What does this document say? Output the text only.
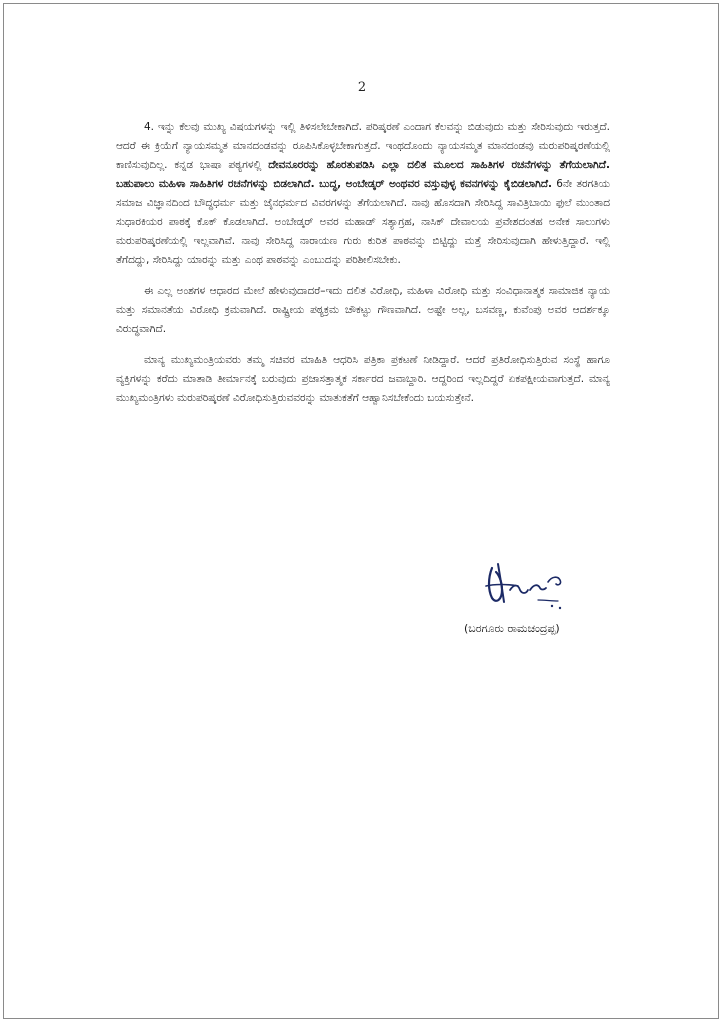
2

4. ಇನ್ನು ಕೆಲವು ಮುಖ್ಯ ವಿಷಯಗಳನ್ನು ಇಲ್ಲಿ ತಿಳಿಸಲೇಬೇಕಾಗಿದೆ. ಪರಿಷ್ಕರಣೆ ಎಂದಾಗ ಕೆಲವನ್ನು ಬಿಡುವುದು ಮತ್ತು ಸೇರಿಸುವುದು ಇರುತ್ತದೆ. ಆದರೆ ಈ ಕ್ರಿಯೆಗೆ ನ್ಯಾಯಸಮ್ಮತ ಮಾನದಂಡವನ್ನು ರೂಪಿಸಿಕೊಳ್ಳಬೇಕಾಗುತ್ತದೆ. ಇಂಥದೊಂದು ನ್ಯಾಯಸಮ್ಮತ ಮಾನದಂಡವು ಮರುಪರಿಷ್ಕರಣೆಯಲ್ಲಿ ಕಾಣಿಸುವುದಿಲ್ಲ. ಕನ್ನಡ ಭಾಷಾ ಪಠ್ಯಗಳಲ್ಲಿ ದೇವನೂರರನ್ನು ಹೊರತುಪಡಿಸಿ ಎಲ್ಲಾ ದಲಿತ ಮೂಲದ ಸಾಹಿತಿಗಳ ರಚನೆಗಳನ್ನು ತೆಗೆಯಲಾಗಿದೆ. ಬಹುಪಾಲು ಮಹಿಳಾ ಸಾಹಿತಿಗಳ ರಚನೆಗಳನ್ನು ಬಿಡಲಾಗಿದೆ. ಬುದ್ಧ, ಅಂಬೇಡ್ಕರ್ ಅಂಥವರ ವಸ್ತುವುಳ್ಳ ಕವನಗಳನ್ನು ಕೈಬಿಡಲಾಗಿದೆ. 6ನೇ ತರಗತಿಯ ಸಮಾಜ ವಿಜ್ಞಾನದಿಂದ ಬೌದ್ಧಧರ್ಮ ಮತ್ತು ಜೈನಧರ್ಮದ ವಿವರಗಳನ್ನು ತೆಗೆಯಲಾಗಿದೆ. ನಾವು ಹೊಸದಾಗಿ ಸೇರಿಸಿದ್ದ ಸಾವಿತ್ರಿಬಾಯಿ ಫುಲೆ ಮುಂತಾದ ಸುಧಾರಕಿಯರ ಪಾಠಕ್ಕೆ ಕೊಕ್ ಕೊಡಲಾಗಿದೆ. ಅಂಬೇಡ್ಕರ್ ಅವರ ಮಹಾಡ್ ಸತ್ಯಾಗ್ರಹ, ನಾಸಿಕ್ ದೇವಾಲಯ ಪ್ರವೇಶದಂತಹ ಅನೇಕ ಸಾಲುಗಳು ಮರುಪರಿಷ್ಕರಣೆಯಲ್ಲಿ ಇಲ್ಲವಾಗಿವೆ. ನಾವು ಸೇರಿಸಿದ್ದ ನಾರಾಯಣ ಗುರು ಕುರಿತ ಪಾಠವನ್ನು ಬಿಟ್ಟಿದ್ದು ಮತ್ತೆ ಸೇರಿಸುವುದಾಗಿ ಹೇಳುತ್ತಿದ್ದಾರೆ. ಇಲ್ಲಿ ತೆಗೆದದ್ದು, ಸೇರಿಸಿದ್ದು ಯಾರನ್ನು ಮತ್ತು ಎಂಥ ಪಾಠವನ್ನು ಎಂಬುದನ್ನು ಪರಿಶೀಲಿಸಬೇಕು.

ಈ ಎಲ್ಲ ಅಂಶಗಳ ಆಧಾರದ ಮೇಲೆ ಹೇಳುವುದಾದರೆ–ಇದು ದಲಿತ ವಿರೋಧಿ, ಮಹಿಳಾ ವಿರೋಧಿ ಮತ್ತು ಸಂವಿಧಾನಾತ್ಮಕ ಸಾಮಾಜಿಕ ನ್ಯಾಯ ಮತ್ತು ಸಮಾನತೆಯ ವಿರೋಧಿ ಕ್ರಮವಾಗಿದೆ. ರಾಷ್ಟ್ರೀಯ ಪಠ್ಯಕ್ರಮ ಚೌಕಟ್ಟು ಗೌಣವಾಗಿದೆ. ಅಷ್ಟೇ ಅಲ್ಲ, ಬಸವಣ್ಣ, ಕುವೆಂಪು ಅವರ ಆದರ್ಶಕ್ಕೂ ವಿರುದ್ಧವಾಗಿದೆ.

ಮಾನ್ಯ ಮುಖ್ಯಮಂತ್ರಿಯವರು ತಮ್ಮ ಸಚಿವರ ಮಾಹಿತಿ ಆಧರಿಸಿ ಪತ್ರಿಕಾ ಪ್ರಕಟಣೆ ನೀಡಿದ್ದಾರೆ. ಆದರೆ ಪ್ರತಿರೋಧಿಸುತ್ತಿರುವ ಸಂಸ್ಥೆ ಹಾಗೂ ವ್ಯಕ್ತಿಗಳನ್ನು ಕರೆದು ಮಾತಾಡಿ ತೀರ್ಮಾನಕ್ಕೆ ಬರುವುದು ಪ್ರಜಾಸತ್ತಾತ್ಮಕ ಸರ್ಕಾರದ ಜವಾಬ್ದಾರಿ. ಆದ್ದರಿಂದ ಇಲ್ಲದಿದ್ದರೆ ಏಕಪಕ್ಷೀಯವಾಗುತ್ತದೆ. ಮಾನ್ಯ ಮುಖ್ಯಮಂತ್ರಿಗಳು ಮರುಪರಿಷ್ಕರಣೆ ವಿರೋಧಿಸುತ್ತಿರುವವರನ್ನು ಮಾತುಕತೆಗೆ ಆಹ್ವಾನಿಸಬೇಕೆಂದು ಬಯಸುತ್ತೇನೆ.

(ಬರಗೂರು ರಾಮಚಂದ್ರಪ್ಪ)
